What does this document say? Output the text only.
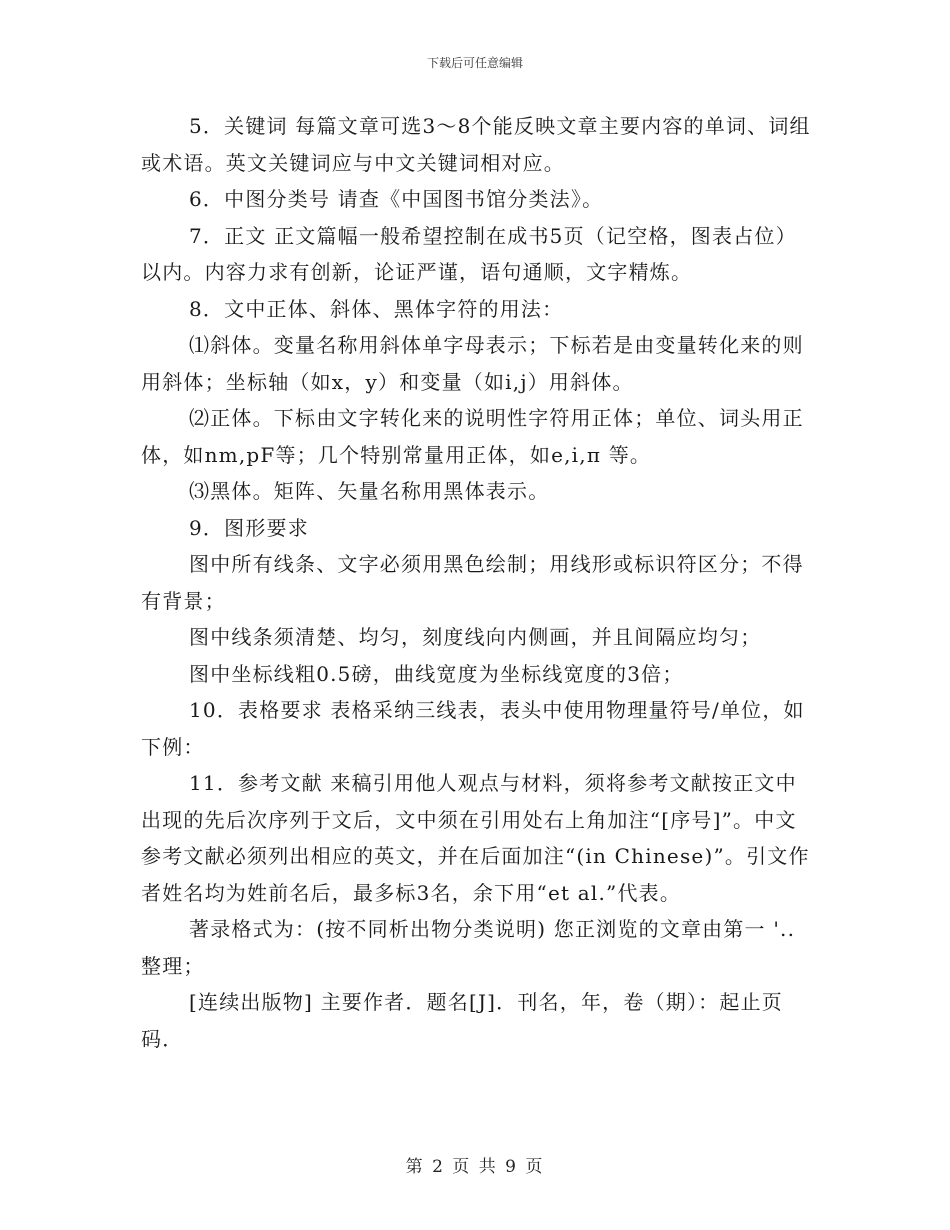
下载后可任意编辑

5．关键词 每篇文章可选3～8个能反映文章主要内容的单词、词组或术语。英文关键词应与中文关键词相对应。

6．中图分类号 请查《中国图书馆分类法》。

7．正文 正文篇幅一般希望控制在成书5页（记空格，图表占位）以内。内容力求有创新，论证严谨，语句通顺，文字精炼。

8．文中正体、斜体、黑体字符的用法：

⑴斜体。变量名称用斜体单字母表示；下标若是由变量转化来的则用斜体；坐标轴（如x，y）和变量（如i,j）用斜体。

⑵正体。下标由文字转化来的说明性字符用正体；单位、词头用正体，如nm,pF等；几个特别常量用正体，如e,i,π 等。

⑶黑体。矩阵、矢量名称用黑体表示。

9．图形要求

图中所有线条、文字必须用黑色绘制；用线形或标识符区分；不得有背景；

图中线条须清楚、均匀，刻度线向内侧画，并且间隔应均匀；

图中坐标线粗0.5磅，曲线宽度为坐标线宽度的3倍；

10．表格要求 表格采纳三线表，表头中使用物理量符号/单位，如下例：

11．参考文献 来稿引用他人观点与材料，须将参考文献按正文中出现的先后次序列于文后，文中须在引用处右上角加注“[序号]”。中文参考文献必须列出相应的英文，并在后面加注“(in Chinese)”。引文作者姓名均为姓前名后，最多标3名，余下用“et al.”代表。

著录格式为：(按不同析出物分类说明) 您正浏览的文章由第一 '..整理；

[连续出版物] 主要作者．题名[J]．刊名，年，卷（期）：起止页码．

第 2 页 共 9 页
